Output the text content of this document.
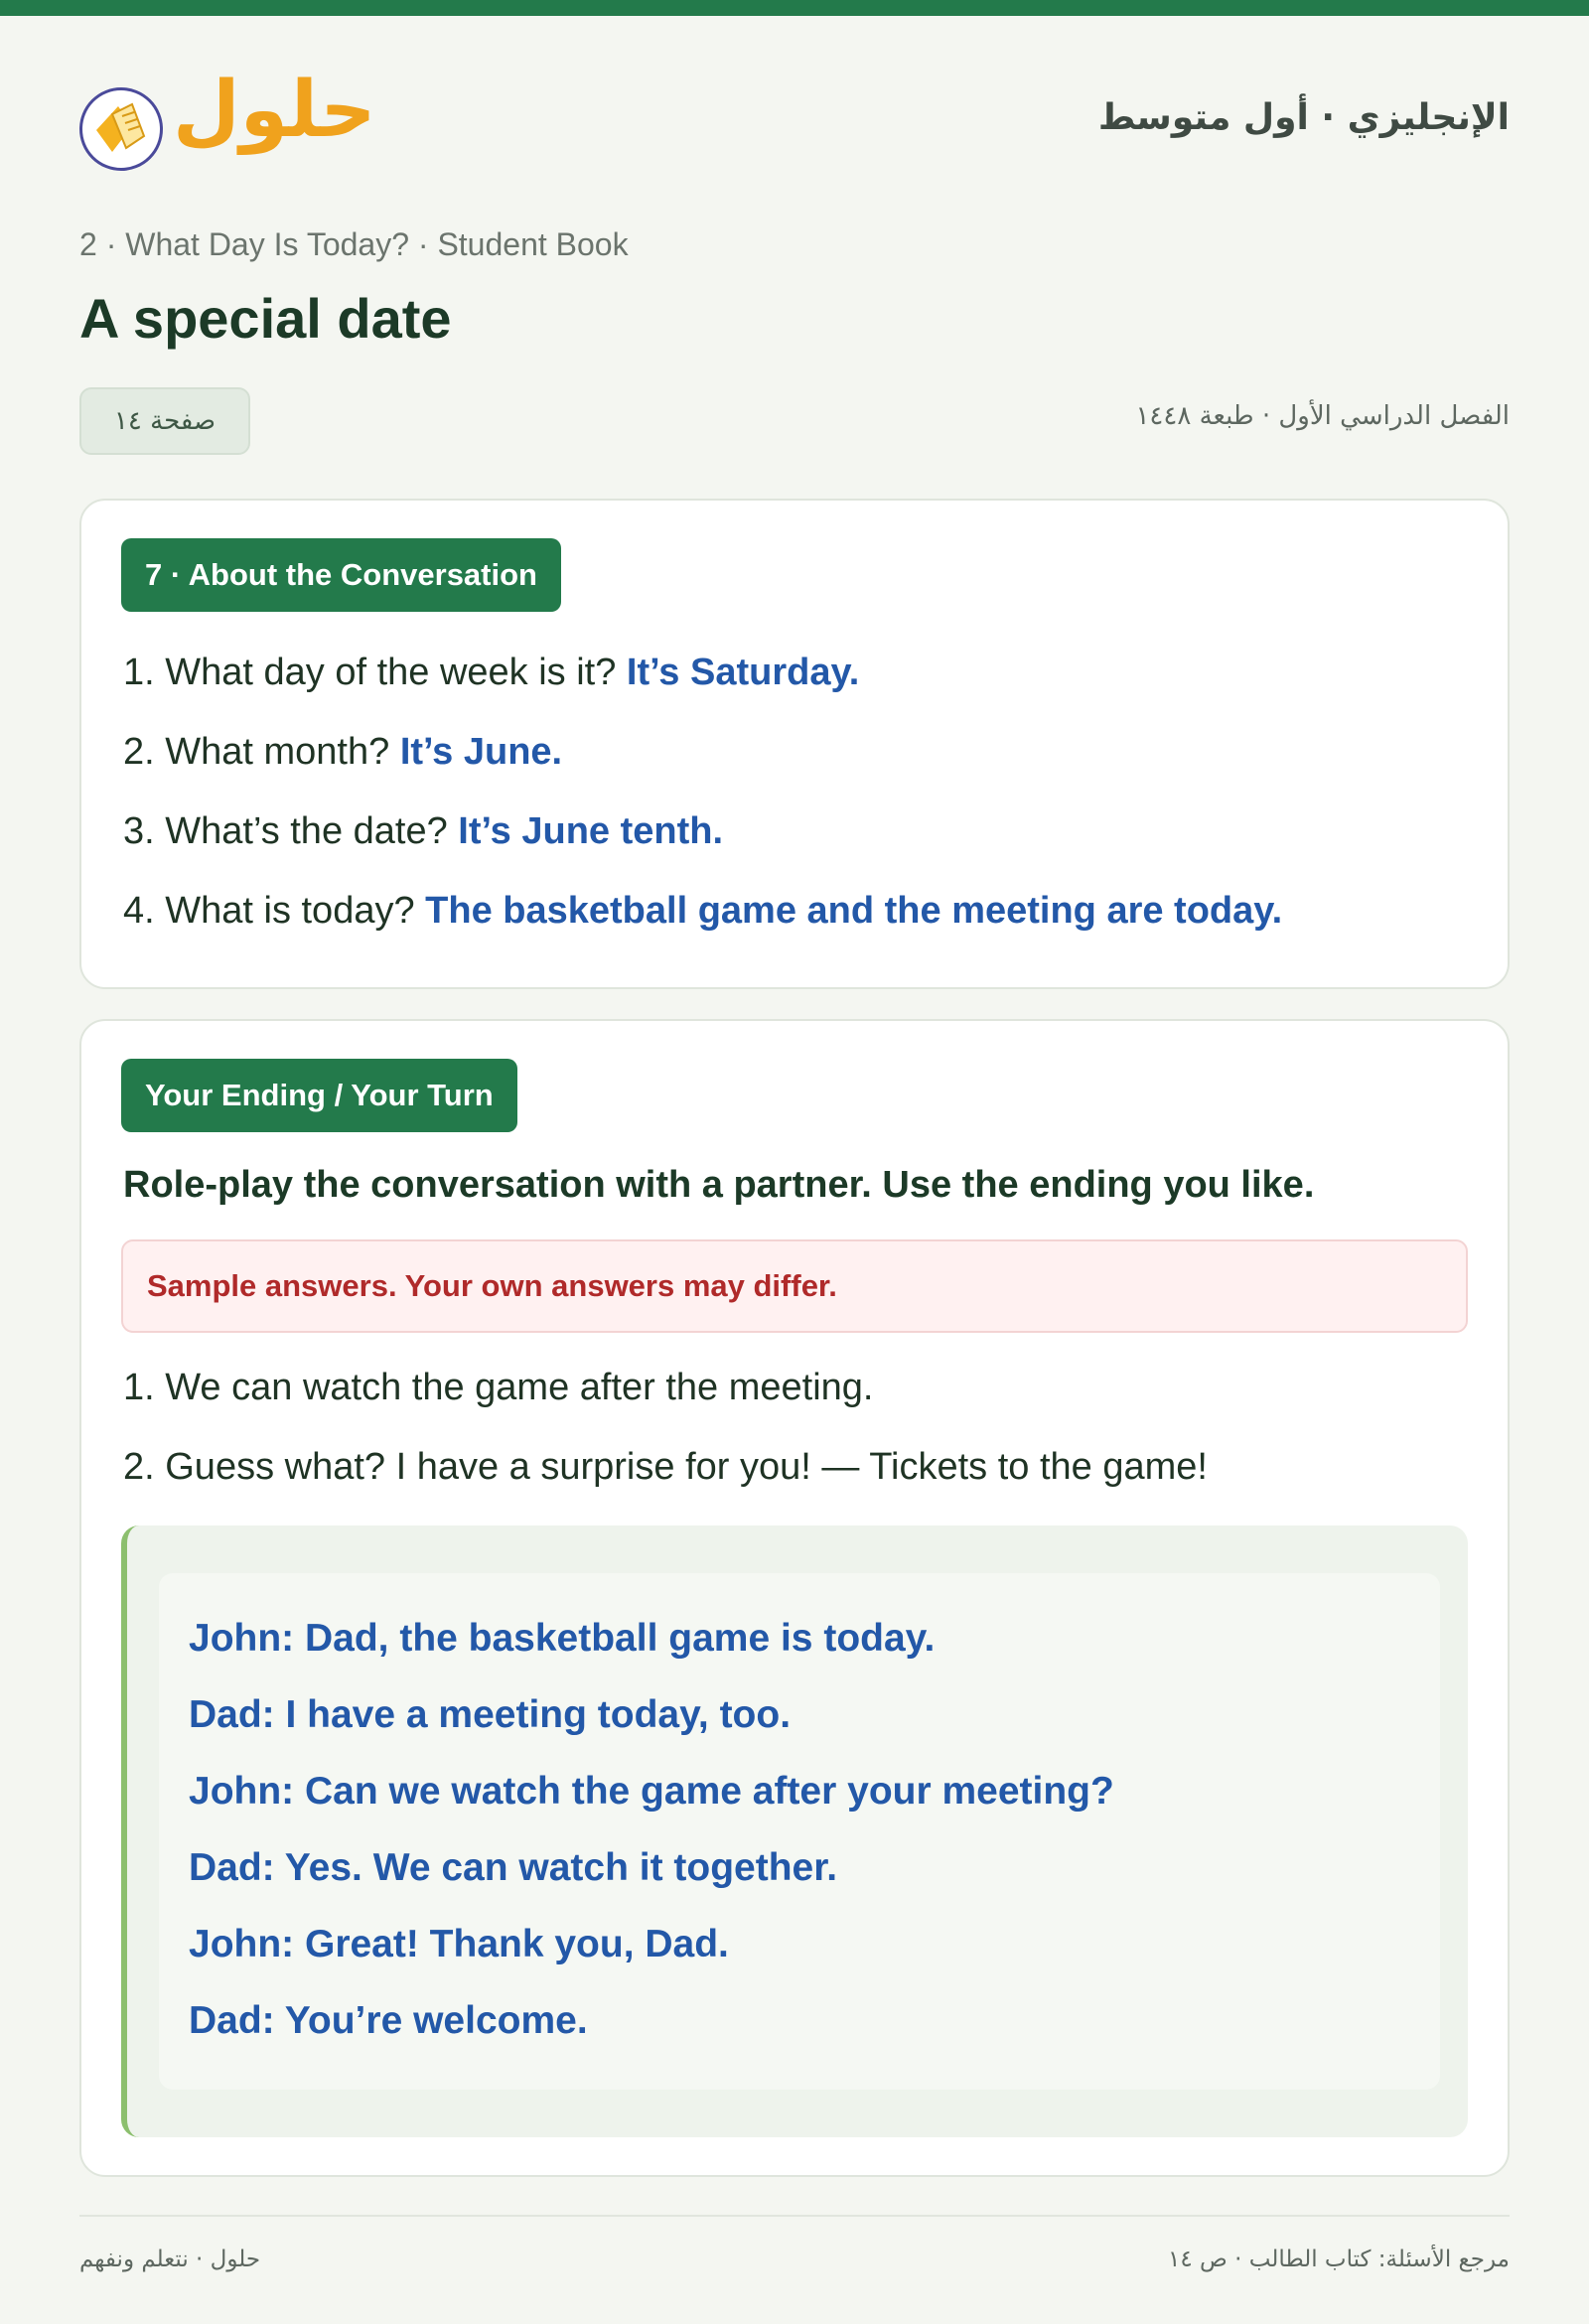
حلول	الإنجليزي · أول متوسط
2 · What Day Is Today? · Student Book
A special date
صفحة ١٤	الفصل الدراسي الأول · طبعة ١٤٤٨
7 · About the Conversation
1. What day of the week is it? It’s Saturday.
2. What month? It’s June.
3. What’s the date? It’s June tenth.
4. What is today? The basketball game and the meeting are today.
Your Ending / Your Turn
Role-play the conversation with a partner. Use the ending you like.
Sample answers. Your own answers may differ.
1. We can watch the game after the meeting.
2. Guess what? I have a surprise for you! — Tickets to the game!
John: Dad, the basketball game is today.
Dad: I have a meeting today, too.
John: Can we watch the game after your meeting?
Dad: Yes. We can watch it together.
John: Great! Thank you, Dad.
Dad: You’re welcome.
حلول · نتعلم ونفهم	مرجع الأسئلة: كتاب الطالب · ص ١٤
